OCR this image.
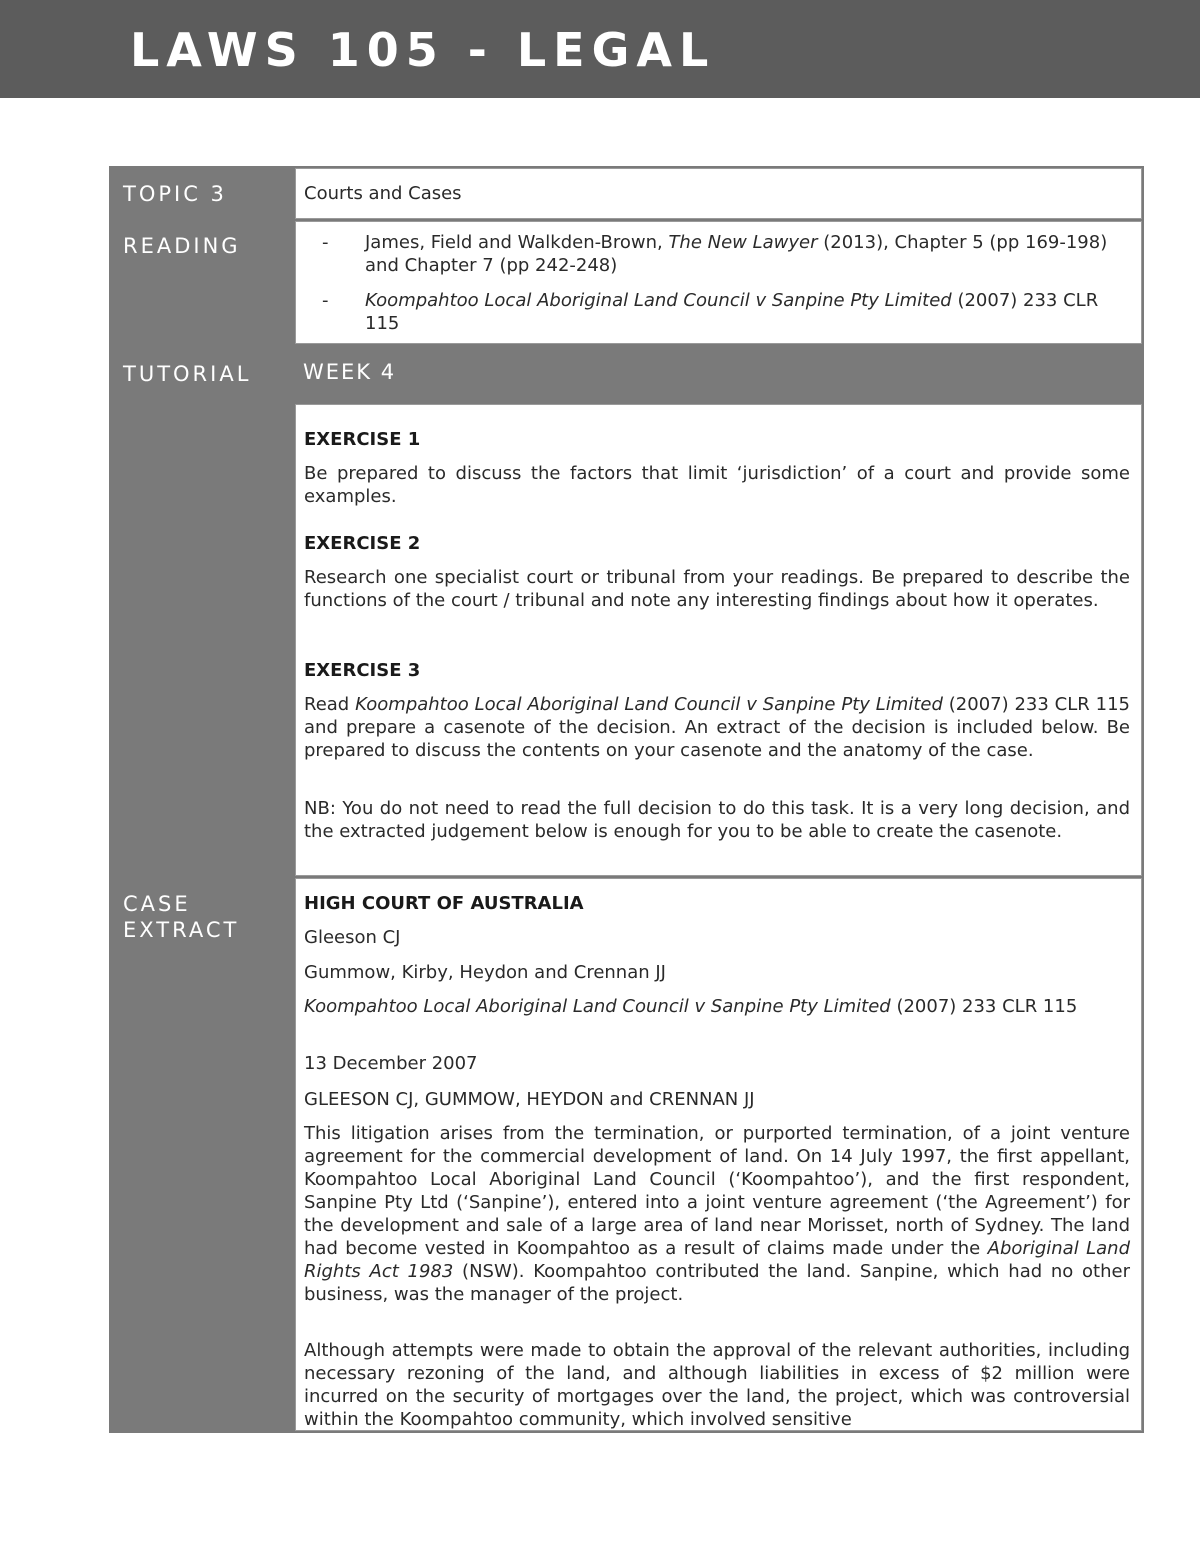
LAWS 105 - LEGAL
TOPIC 3	Courts and Cases
READING	- James, Field and Walkden-Brown, The New Lawyer (2013), Chapter 5 (pp 169-198) and Chapter 7 (pp 242-248)
- Koompahtoo Local Aboriginal Land Council v Sanpine Pty Limited (2007) 233 CLR 115
TUTORIAL WEEK 4

EXERCISE 1

Be prepared to discuss the factors that limit ‘jurisdiction’ of a court and provide some examples.

EXERCISE 2

Research one specialist court or tribunal from your readings. Be prepared to describe the functions of the court / tribunal and note any interesting findings about how it operates.

EXERCISE 3

Read Koompahtoo Local Aboriginal Land Council v Sanpine Pty Limited (2007) 233 CLR 115 and prepare a casenote of the decision. An extract of the decision is included below. Be prepared to discuss the contents on your casenote and the anatomy of the case.

NB: You do not need to read the full decision to do this task. It is a very long decision, and the extracted judgement below is enough for you to be able to create the casenote.

CASE
EXTRACT

HIGH COURT OF AUSTRALIA

Gleeson CJ

Gummow, Kirby, Heydon and Crennan JJ

Koompahtoo Local Aboriginal Land Council v Sanpine Pty Limited (2007) 233 CLR 115

13 December 2007

GLEESON CJ, GUMMOW, HEYDON and CRENNAN JJ

This litigation arises from the termination, or purported termination, of a joint venture agreement for the commercial development of land. On 14 July 1997, the first appellant, Koompahtoo Local Aboriginal Land Council (‘Koompahtoo’), and the first respondent, Sanpine Pty Ltd (‘Sanpine’), entered into a joint venture agreement (‘the Agreement’) for the development and sale of a large area of land near Morisset, north of Sydney. The land had become vested in Koompahtoo as a result of claims made under the Aboriginal Land Rights Act 1983 (NSW). Koompahtoo contributed the land. Sanpine, which had no other business, was the manager of the project.

Although attempts were made to obtain the approval of the relevant authorities, including necessary rezoning of the land, and although liabilities in excess of $2 million were incurred on the security of mortgages over the land, the project, which was controversial within the Koompahtoo community, which involved sensitive
